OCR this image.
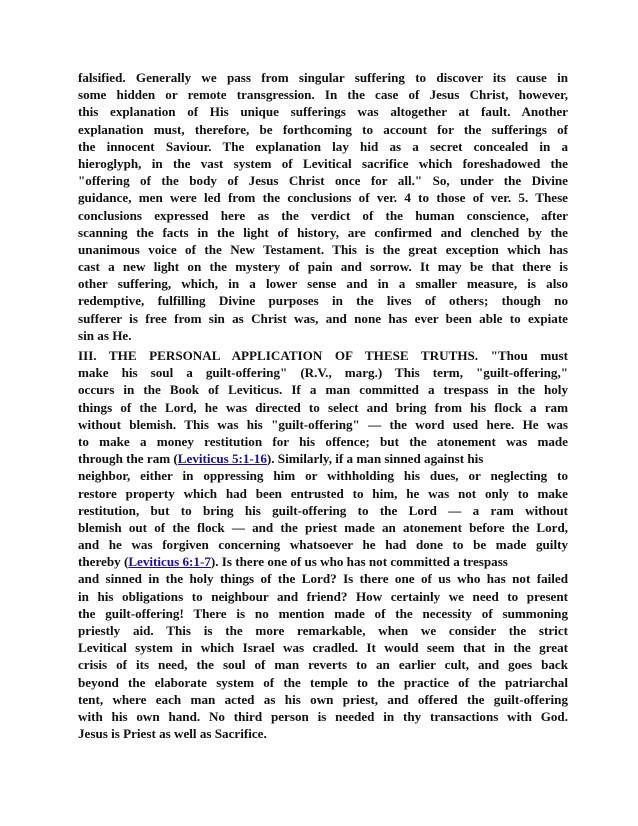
falsified. Generally we pass from singular suffering to discover its cause in
some hidden or remote transgression. In the case of Jesus Christ, however,
this explanation of His unique sufferings was altogether at fault. Another
explanation must, therefore, be forthcoming to account for the sufferings of
the innocent Saviour. The explanation lay hid as a secret concealed in a
hieroglyph, in the vast system of Levitical sacrifice which foreshadowed the
"offering of the body of Jesus Christ once for all." So, under the Divine
guidance, men were led from the conclusions of ver. 4 to those of ver. 5. These
conclusions expressed here as the verdict of the human conscience, after
scanning the facts in the light of history, are confirmed and clenched by the
unanimous voice of the New Testament. This is the great exception which has
cast a new light on the mystery of pain and sorrow. It may be that there is
other suffering, which, in a lower sense and in a smaller measure, is also
redemptive, fulfilling Divine purposes in the lives of others; though no
sufferer is free from sin as Christ was, and none has ever been able to expiate
sin as He.
III. THE PERSONAL APPLICATION OF THESE TRUTHS. "Thou must
make his soul a guilt-offering" (R.V., marg.) This term, "guilt-offering,"
occurs in the Book of Leviticus. If a man committed a trespass in the holy
things of the Lord, he was directed to select and bring from his flock a ram
without blemish. This was his "guilt-offering" — the word used here. He was
to make a money restitution for his offence; but the atonement was made
through the ram (Leviticus 5:1-16). Similarly, if a man sinned against his
neighbor, either in oppressing him or withholding his dues, or neglecting to
restore property which had been entrusted to him, he was not only to make
restitution, but to bring his guilt-offering to the Lord — a ram without
blemish out of the flock — and the priest made an atonement before the Lord,
and he was forgiven concerning whatsoever he had done to be made guilty
thereby (Leviticus 6:1-7). Is there one of us who has not committed a trespass
and sinned in the holy things of the Lord? Is there one of us who has not failed
in his obligations to neighbour and friend? How certainly we need to present
the guilt-offering! There is no mention made of the necessity of summoning
priestly aid. This is the more remarkable, when we consider the strict
Levitical system in which Israel was cradled. It would seem that in the great
crisis of its need, the soul of man reverts to an earlier cult, and goes back
beyond the elaborate system of the temple to the practice of the patriarchal
tent, where each man acted as his own priest, and offered the guilt-offering
with his own hand. No third person is needed in thy transactions with God.
Jesus is Priest as well as Sacrifice.
